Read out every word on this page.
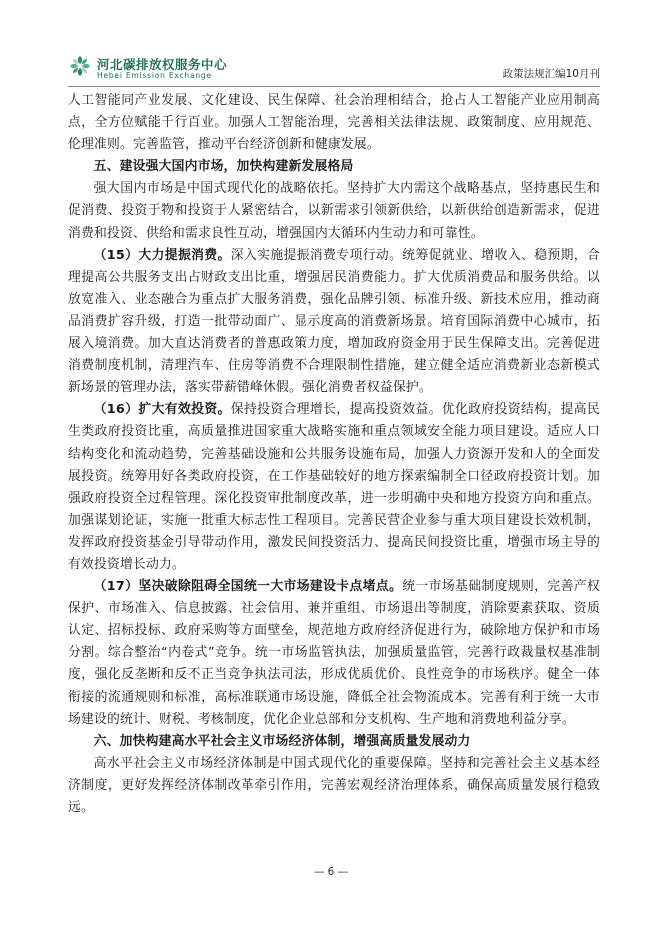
河北碳排放权服务中心
Hebei Emission Exchange	政策法规汇编10月刊

人工智能同产业发展、文化建设、民生保障、社会治理相结合，抢占人工智能产业应用制高点，全方位赋能千行百业。加强人工智能治理，完善相关法律法规、政策制度、应用规范、伦理准则。完善监管，推动平台经济创新和健康发展。

五、建设强大国内市场，加快构建新发展格局

强大国内市场是中国式现代化的战略依托。坚持扩大内需这个战略基点，坚持惠民生和促消费、投资于物和投资于人紧密结合，以新需求引领新供给，以新供给创造新需求，促进消费和投资、供给和需求良性互动，增强国内大循环内生动力和可靠性。

（15）大力提振消费。深入实施提振消费专项行动。统筹促就业、增收入、稳预期，合理提高公共服务支出占财政支出比重，增强居民消费能力。扩大优质消费品和服务供给。以放宽准入、业态融合为重点扩大服务消费，强化品牌引领、标准升级、新技术应用，推动商品消费扩容升级，打造一批带动面广、显示度高的消费新场景。培育国际消费中心城市，拓展入境消费。加大直达消费者的普惠政策力度，增加政府资金用于民生保障支出。完善促进消费制度机制，清理汽车、住房等消费不合理限制性措施，建立健全适应消费新业态新模式新场景的管理办法，落实带薪错峰休假。强化消费者权益保护。

（16）扩大有效投资。保持投资合理增长，提高投资效益。优化政府投资结构，提高民生类政府投资比重，高质量推进国家重大战略实施和重点领域安全能力项目建设。适应人口结构变化和流动趋势，完善基础设施和公共服务设施布局，加强人力资源开发和人的全面发展投资。统筹用好各类政府投资，在工作基础较好的地方探索编制全口径政府投资计划。加强政府投资全过程管理。深化投资审批制度改革，进一步明确中央和地方投资方向和重点。加强谋划论证，实施一批重大标志性工程项目。完善民营企业参与重大项目建设长效机制，发挥政府投资基金引导带动作用，激发民间投资活力、提高民间投资比重，增强市场主导的有效投资增长动力。

（17）坚决破除阻碍全国统一大市场建设卡点堵点。统一市场基础制度规则，完善产权保护、市场准入、信息披露、社会信用、兼并重组、市场退出等制度，消除要素获取、资质认定、招标投标、政府采购等方面壁垒，规范地方政府经济促进行为，破除地方保护和市场分割。综合整治“内卷式”竞争。统一市场监管执法，加强质量监管，完善行政裁量权基准制度，强化反垄断和反不正当竞争执法司法，形成优质优价、良性竞争的市场秩序。健全一体衔接的流通规则和标准，高标准联通市场设施，降低全社会物流成本。完善有利于统一大市场建设的统计、财税、考核制度，优化企业总部和分支机构、生产地和消费地利益分享。

六、加快构建高水平社会主义市场经济体制，增强高质量发展动力

高水平社会主义市场经济体制是中国式现代化的重要保障。坚持和完善社会主义基本经济制度，更好发挥经济体制改革牵引作用，完善宏观经济治理体系，确保高质量发展行稳致远。

— 6 —
